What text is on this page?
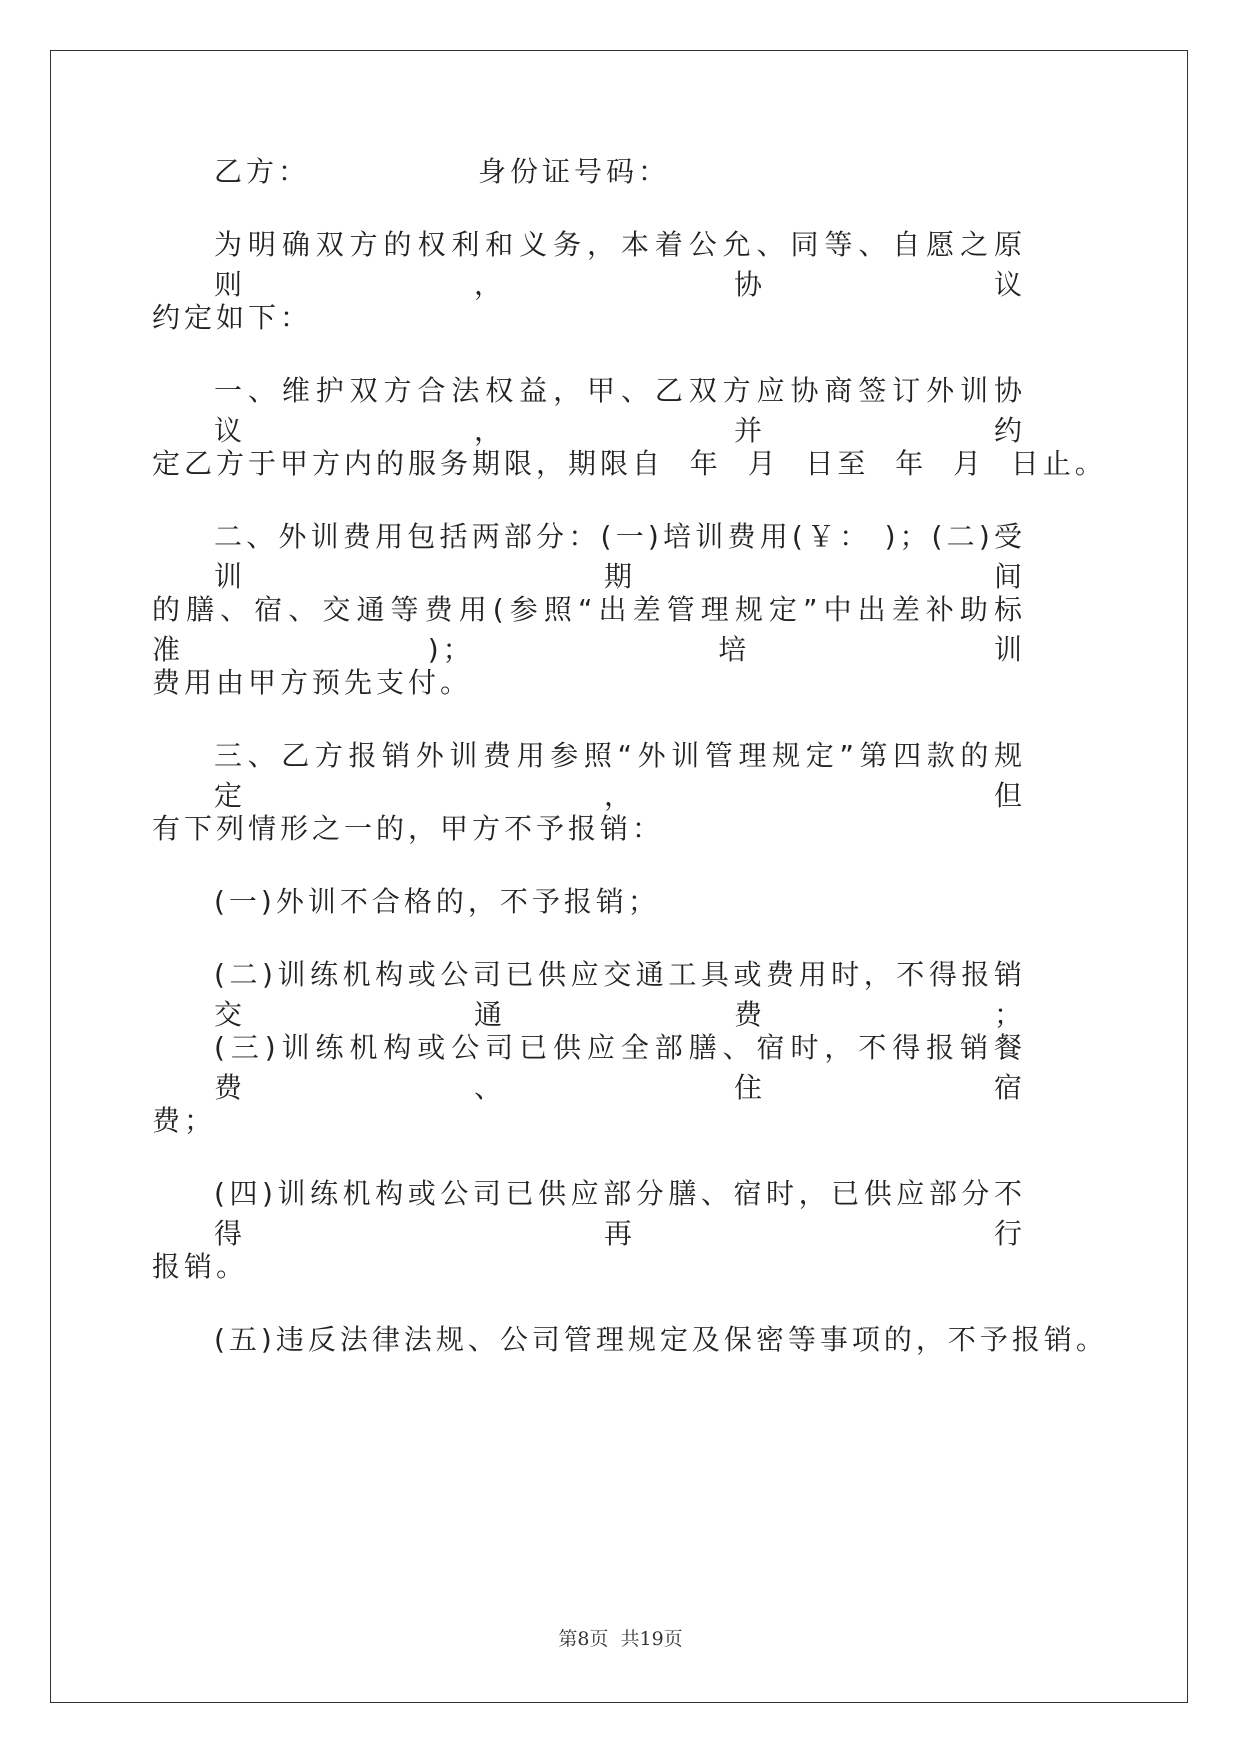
乙方：	身份证号码：
为明确双方的权利和义务，本着公允、同等、自愿之原则，协议
约定如下：
一、维护双方合法权益，甲、乙双方应协商签订外训协议，并约
定乙方于甲方内的服务期限，期限自  年  月  日至  年  月  日止。
二、外训费用包括两部分：(一)培训费用(￥： )；(二)受训期间
的膳、宿、交通等费用(参照“出差管理规定”中出差补助标准)；培训
费用由甲方预先支付。
三、乙方报销外训费用参照“外训管理规定”第四款的规定，但
有下列情形之一的，甲方不予报销：
(一)外训不合格的，不予报销；
(二)训练机构或公司已供应交通工具或费用时，不得报销交通费；
(三)训练机构或公司已供应全部膳、宿时，不得报销餐费、住宿
费；
(四)训练机构或公司已供应部分膳、宿时，已供应部分不得再行
报销。
(五)违反法律法规、公司管理规定及保密等事项的，不予报销。
第8页  共19页
